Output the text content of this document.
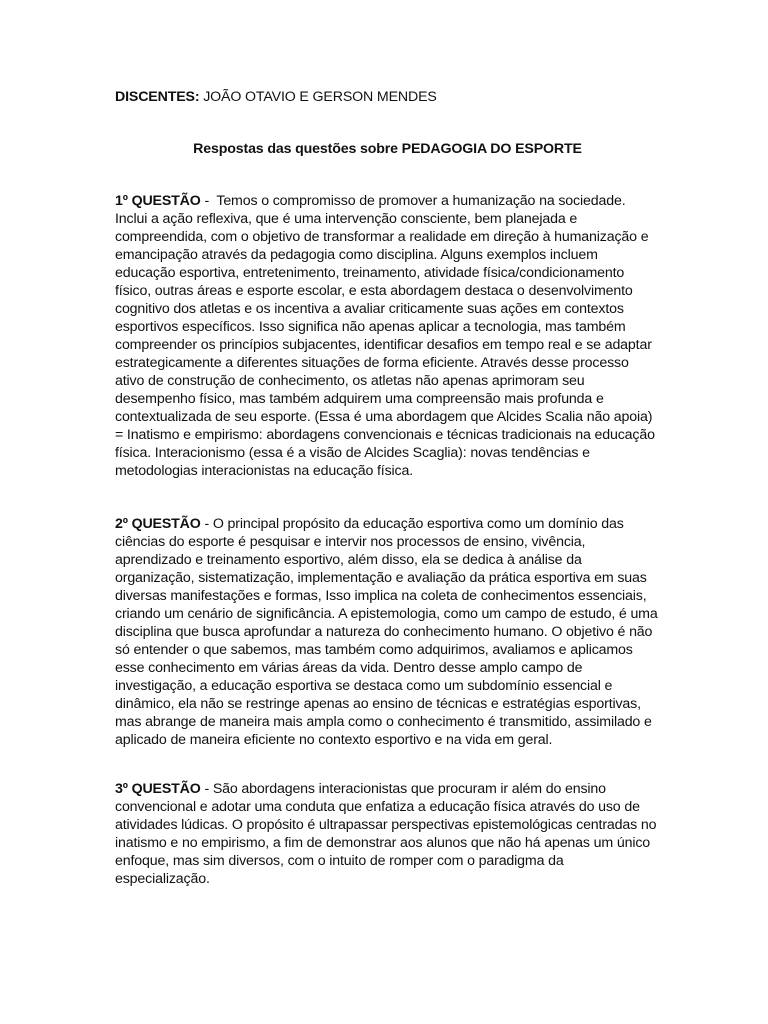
DISCENTES: JOÃO OTAVIO E GERSON MENDES

Respostas das questões sobre PEDAGOGIA DO ESPORTE

1º QUESTÃO -  Temos o compromisso de promover a humanização na sociedade. Inclui a ação reflexiva, que é uma intervenção consciente, bem planejada e compreendida, com o objetivo de transformar a realidade em direção à humanização e emancipação através da pedagogia como disciplina. Alguns exemplos incluem educação esportiva, entretenimento, treinamento, atividade física/condicionamento físico, outras áreas e esporte escolar, e esta abordagem destaca o desenvolvimento cognitivo dos atletas e os incentiva a avaliar criticamente suas ações em contextos esportivos específicos. Isso significa não apenas aplicar a tecnologia, mas também compreender os princípios subjacentes, identificar desafios em tempo real e se adaptar estrategicamente a diferentes situações de forma eficiente. Através desse processo ativo de construção de conhecimento, os atletas não apenas aprimoram seu desempenho físico, mas também adquirem uma compreensão mais profunda e contextualizada de seu esporte. (Essa é uma abordagem que Alcides Scalia não apoia) = Inatismo e empirismo: abordagens convencionais e técnicas tradicionais na educação física. Interacionismo (essa é a visão de Alcides Scaglia): novas tendências e metodologias interacionistas na educação física.

2º QUESTÃO - O principal propósito da educação esportiva como um domínio das ciências do esporte é pesquisar e intervir nos processos de ensino, vivência, aprendizado e treinamento esportivo, além disso, ela se dedica à análise da organização, sistematização, implementação e avaliação da prática esportiva em suas diversas manifestações e formas, Isso implica na coleta de conhecimentos essenciais, criando um cenário de significância. A epistemologia, como um campo de estudo, é uma disciplina que busca aprofundar a natureza do conhecimento humano. O objetivo é não só entender o que sabemos, mas também como adquirimos, avaliamos e aplicamos esse conhecimento em várias áreas da vida. Dentro desse amplo campo de investigação, a educação esportiva se destaca como um subdomínio essencial e dinâmico, ela não se restringe apenas ao ensino de técnicas e estratégias esportivas, mas abrange de maneira mais ampla como o conhecimento é transmitido, assimilado e aplicado de maneira eficiente no contexto esportivo e na vida em geral.

3º QUESTÃO - São abordagens interacionistas que procuram ir além do ensino convencional e adotar uma conduta que enfatiza a educação física através do uso de atividades lúdicas. O propósito é ultrapassar perspectivas epistemológicas centradas no inatismo e no empirismo, a fim de demonstrar aos alunos que não há apenas um único enfoque, mas sim diversos, com o intuito de romper com o paradigma da especialização.
